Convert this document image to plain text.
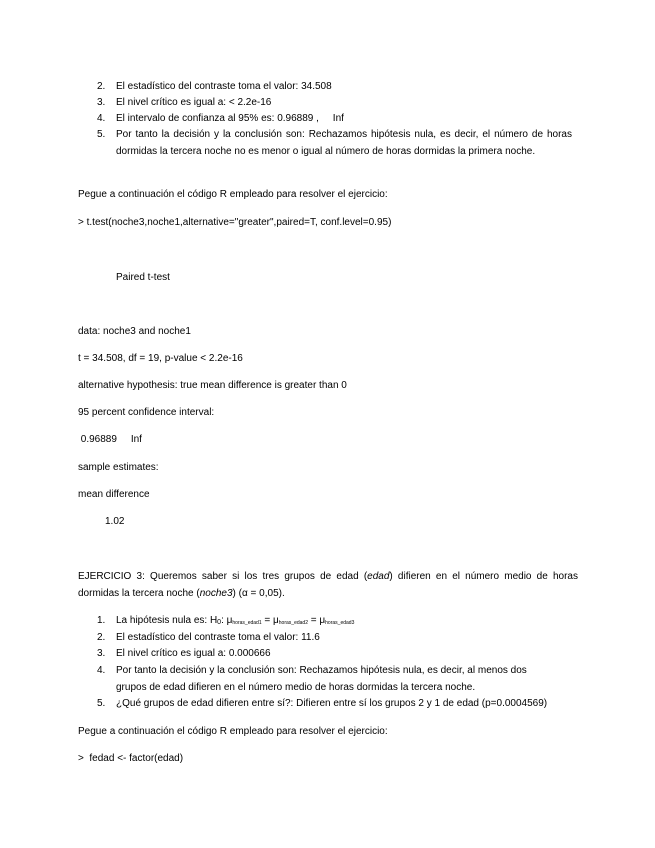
2. El estadístico del contraste toma el valor: 34.508
3. El nivel crítico es igual a: < 2.2e-16
4. El intervalo de confianza al 95% es: 0.96889 ,     Inf
5. Por tanto la decisión y la conclusión son: Rechazamos hipótesis nula, es decir, el número de horas dormidas la tercera noche no es menor o igual al número de horas dormidas la primera noche.
Pegue a continuación el código R empleado para resolver el ejercicio:
> t.test(noche3,noche1,alternative="greater",paired=T, conf.level=0.95)
Paired t-test
data: noche3 and noche1
t = 34.508, df = 19, p-value < 2.2e-16
alternative hypothesis: true mean difference is greater than 0
95 percent confidence interval:
0.96889     Inf
sample estimates:
mean difference
1.02
EJERCICIO 3: Queremos saber si los tres grupos de edad (edad) difieren en el número medio de horas dormidas la tercera noche (noche3) (α = 0,05).
1. La hipótesis nula es: $H_0$: $\mu_{horas\_edad1} = \mu_{horas\_edad2} = \mu_{horas\_edad3}$
2. El estadístico del contraste toma el valor: 11.6
3. El nivel crítico es igual a: 0.000666
4. Por tanto la decisión y la conclusión son: Rechazamos hipótesis nula, es decir, al menos dos grupos de edad difieren en el número medio de horas dormidas la tercera noche.
5. ¿Qué grupos de edad difieren entre sí?: Difieren entre sí los grupos 2 y 1 de edad (p=0.0004569)
Pegue a continuación el código R empleado para resolver el ejercicio:
>  fedad <- factor(edad)
